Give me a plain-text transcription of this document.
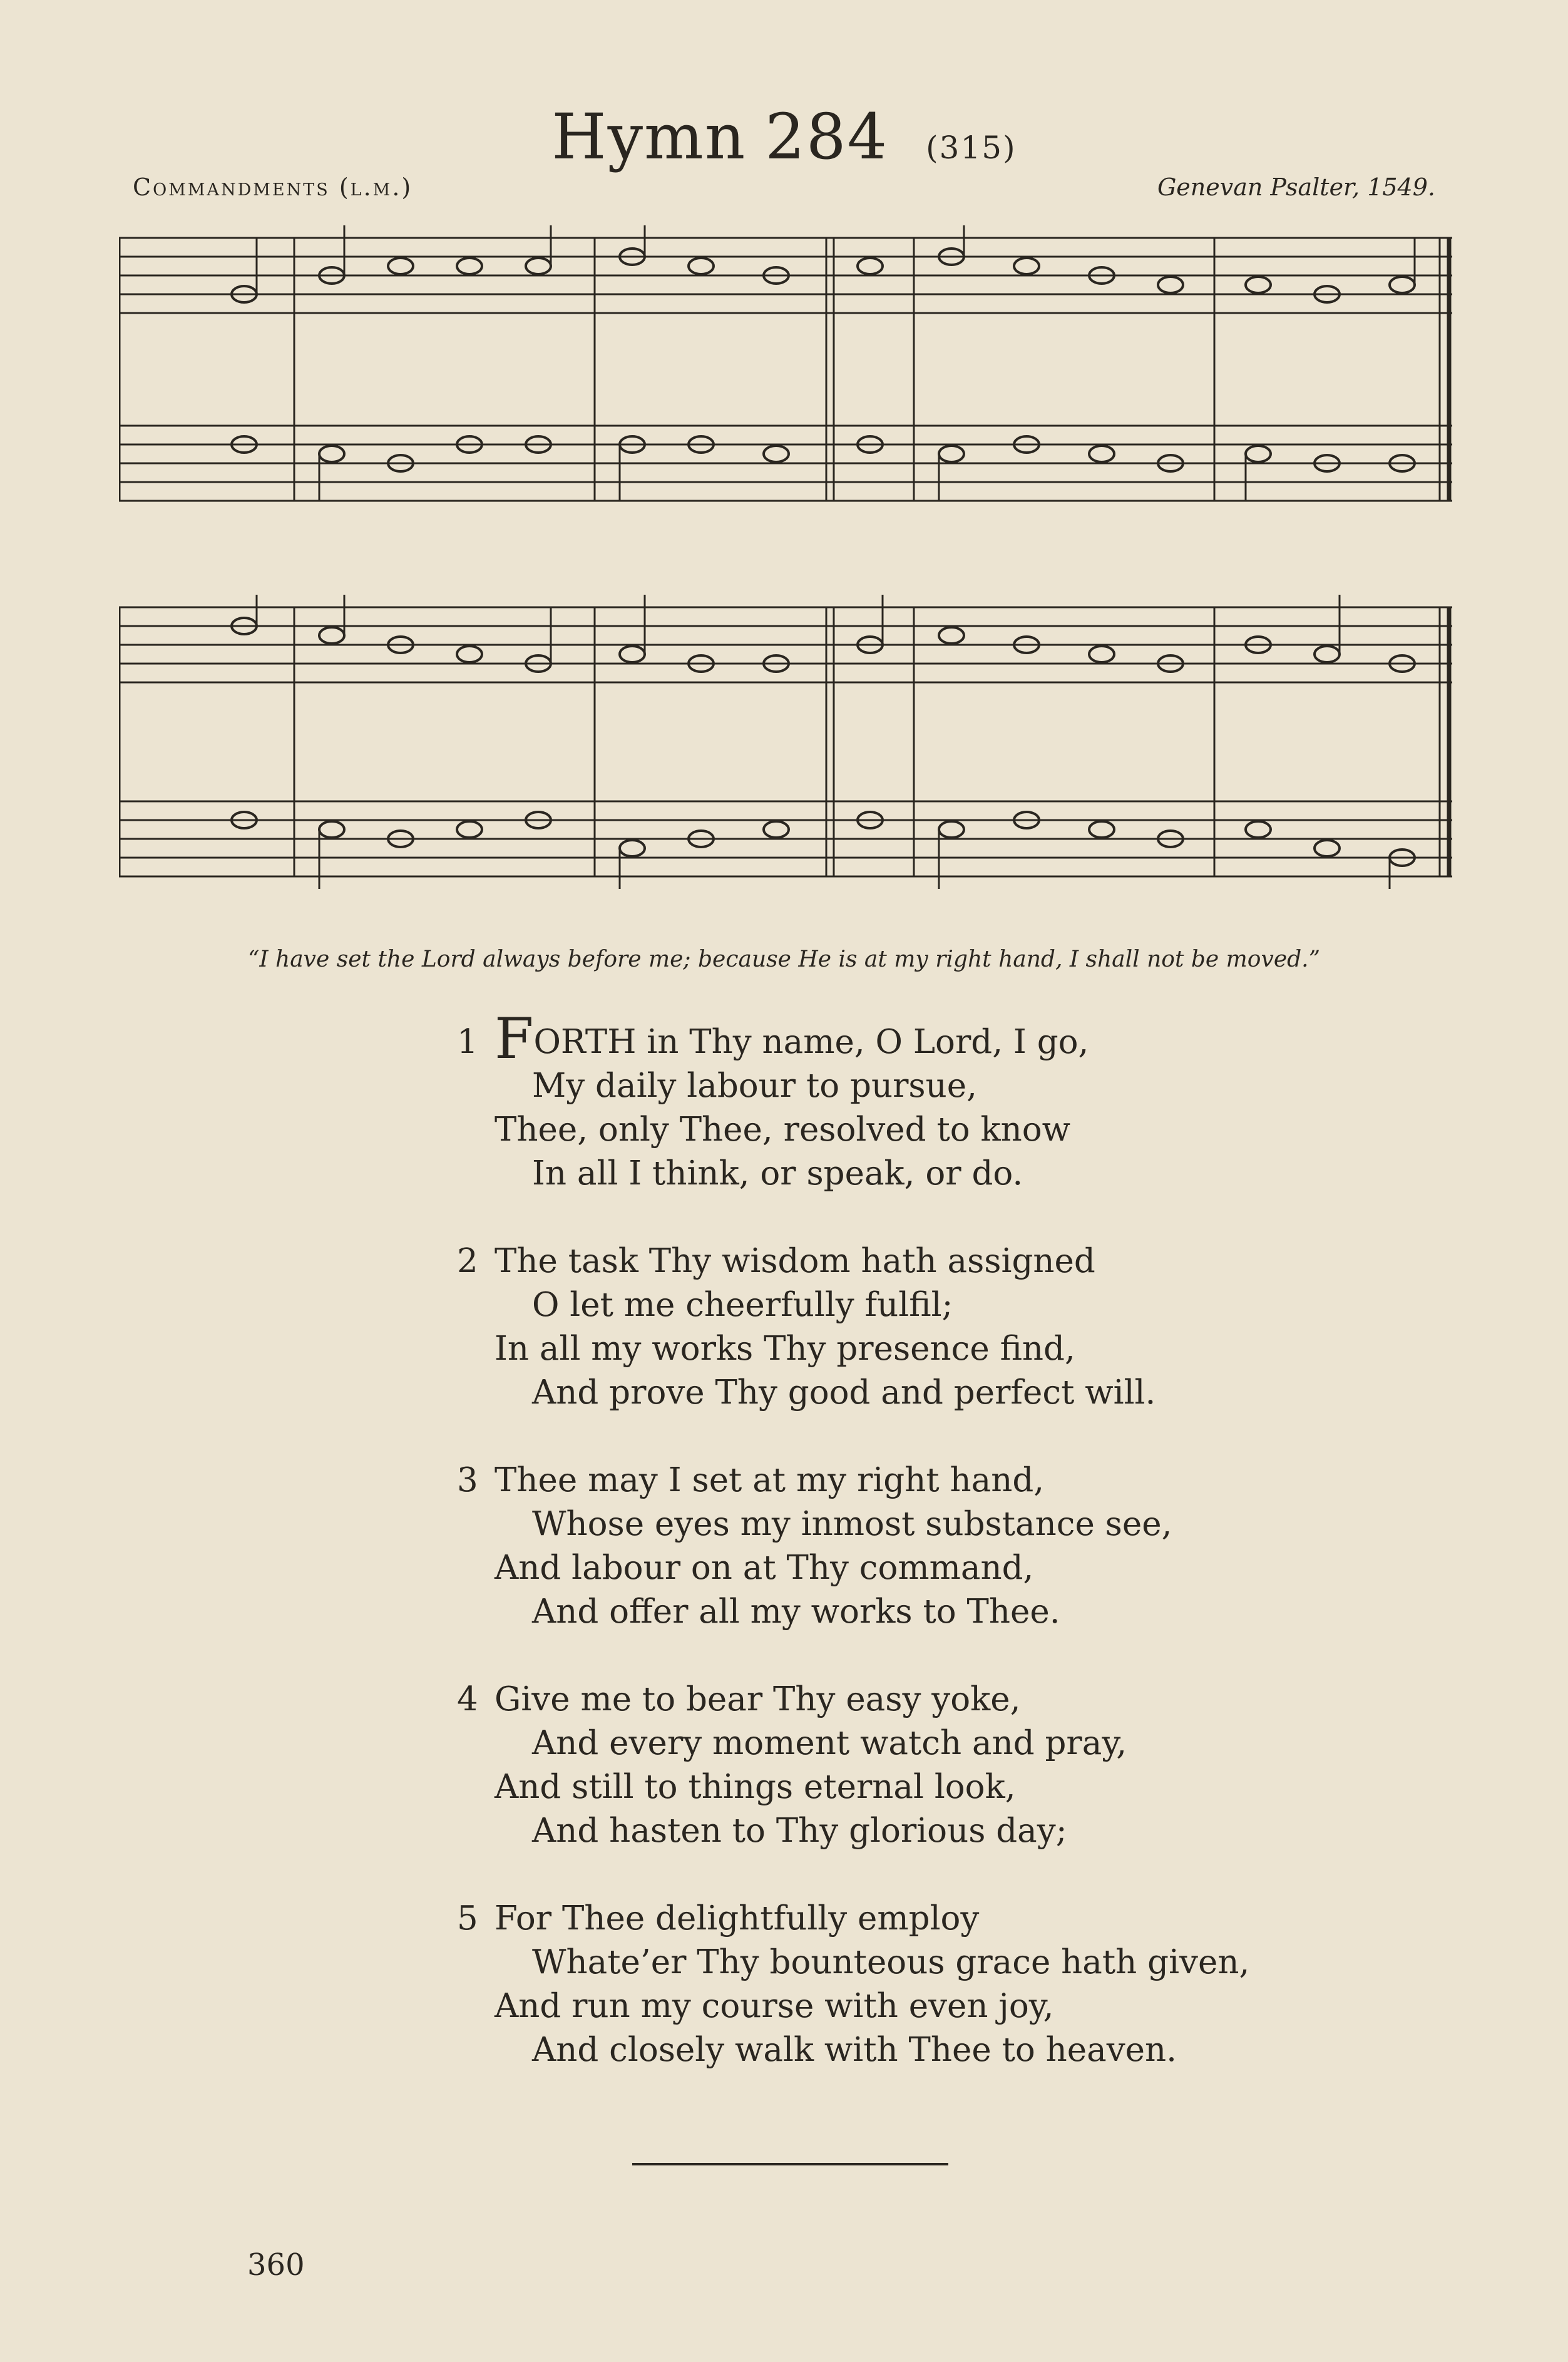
Hymn 284 (315)
Commandments (l.m.)	Genevan Psalter, 1549.
“I have set the Lord always before me; because He is at my right hand, I shall not be moved.”
1 FORTH in Thy name, O Lord, I go,
My daily labour to pursue,
Thee, only Thee, resolved to know
In all I think, or speak, or do.
2 The task Thy wisdom hath assigned
O let me cheerfully fulfil;
In all my works Thy presence find,
And prove Thy good and perfect will.
3 Thee may I set at my right hand,
Whose eyes my inmost substance see,
And labour on at Thy command,
And offer all my works to Thee.
4 Give me to bear Thy easy yoke,
And every moment watch and pray,
And still to things eternal look,
And hasten to Thy glorious day;
5 For Thee delightfully employ
Whate’er Thy bounteous grace hath given,
And run my course with even joy,
And closely walk with Thee to heaven.
360
